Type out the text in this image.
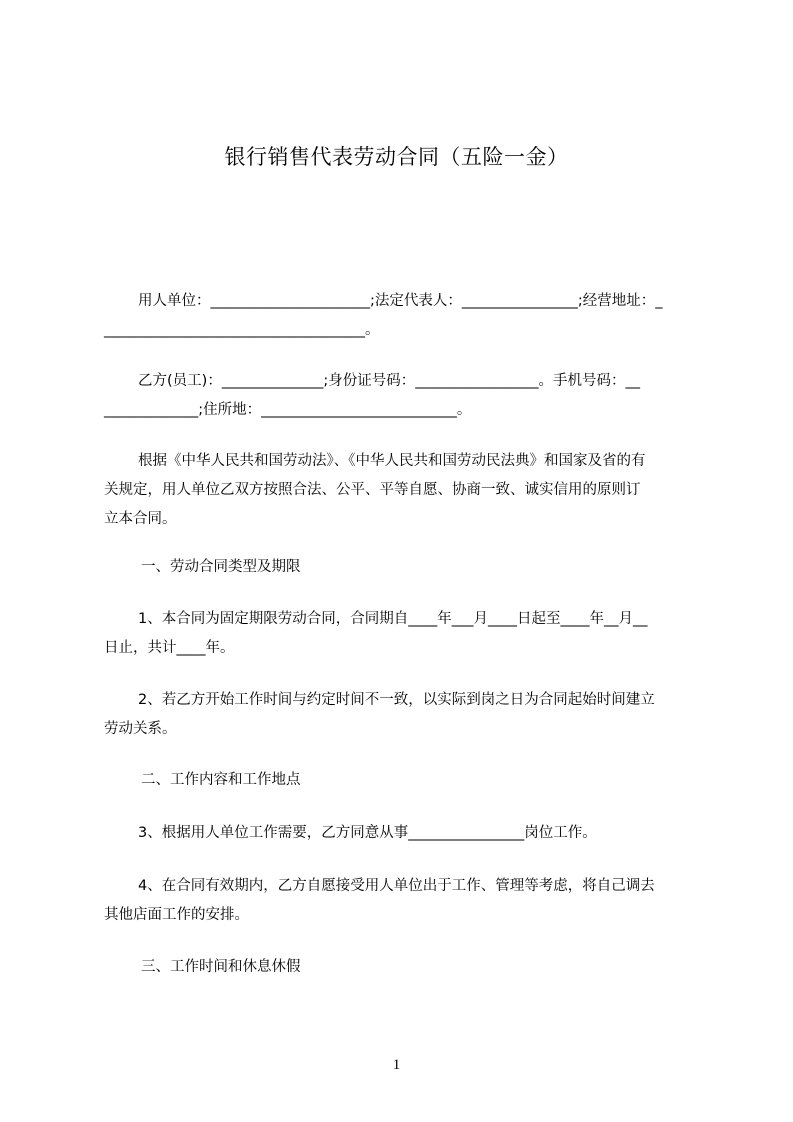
银行销售代表劳动合同（五险一金）
用人单位：______________________;法定代表人：________________;经营地址：_
____________________________________。
乙方(员工)：______________;身份证号码：_________________。手机号码：__
_____________;住所地：___________________________。
根据《中华人民共和国劳动法》、《中华人民共和国劳动民法典》和国家及省的有
关规定，用人单位乙双方按照合法、公平、平等自愿、协商一致、诚实信用的原则订
立本合同。
一、劳动合同类型及期限
1、本合同为固定期限劳动合同，合同期自____年___月____日起至____年__月__
日止，共计____年。
2、若乙方开始工作时间与约定时间不一致，以实际到岗之日为合同起始时间建立
劳动关系。
二、工作内容和工作地点
3、根据用人单位工作需要，乙方同意从事________________岗位工作。
4、在合同有效期内，乙方自愿接受用人单位出于工作、管理等考虑，将自己调去
其他店面工作的安排。
三、工作时间和休息休假
1
